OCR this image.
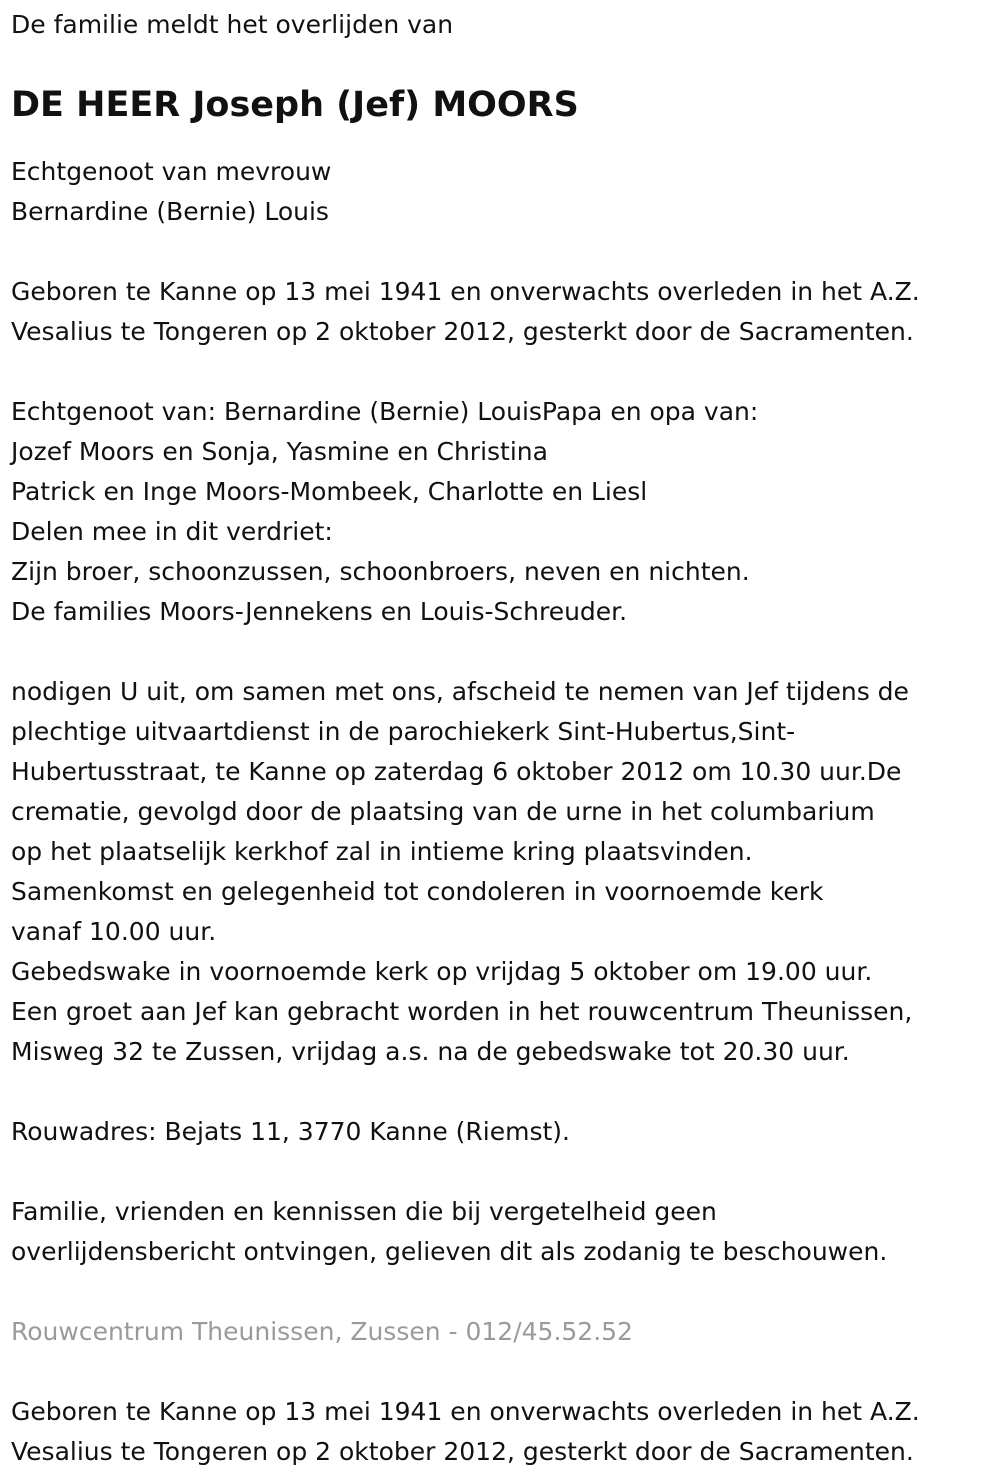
De familie meldt het overlijden van

DE HEER Joseph (Jef) MOORS

Echtgenoot van mevrouw

Bernardine (Bernie) Louis

Geboren te Kanne op 13 mei 1941 en onverwachts overleden in het A.Z.

Vesalius te Tongeren op 2 oktober 2012, gesterkt door de Sacramenten.

Echtgenoot van: Bernardine (Bernie) LouisPapa en opa van:

Jozef Moors en Sonja, Yasmine en Christina

Patrick en Inge Moors-Mombeek, Charlotte en Liesl

Delen mee in dit verdriet:

Zijn broer, schoonzussen, schoonbroers, neven en nichten.

De families Moors-Jennekens en Louis-Schreuder.

nodigen U uit, om samen met ons, afscheid te nemen van Jef tijdens de

plechtige uitvaartdienst in de parochiekerk Sint-Hubertus,Sint-

Hubertusstraat, te Kanne op zaterdag 6 oktober 2012 om 10.30 uur.De

crematie, gevolgd door de plaatsing van de urne in het columbarium

op het plaatselijk kerkhof zal in intieme kring plaatsvinden.

Samenkomst en gelegenheid tot condoleren in voornoemde kerk

vanaf 10.00 uur.

Gebedswake in voornoemde kerk op vrijdag 5 oktober om 19.00 uur.

Een groet aan Jef kan gebracht worden in het rouwcentrum Theunissen,

Misweg 32 te Zussen, vrijdag a.s. na de gebedswake tot 20.30 uur.

Rouwadres: Bejats 11, 3770 Kanne (Riemst).

Familie, vrienden en kennissen die bij vergetelheid geen

overlijdensbericht ontvingen, gelieven dit als zodanig te beschouwen.

Rouwcentrum Theunissen, Zussen - 012/45.52.52

Geboren te Kanne op 13 mei 1941 en onverwachts overleden in het A.Z.

Vesalius te Tongeren op 2 oktober 2012, gesterkt door de Sacramenten.
